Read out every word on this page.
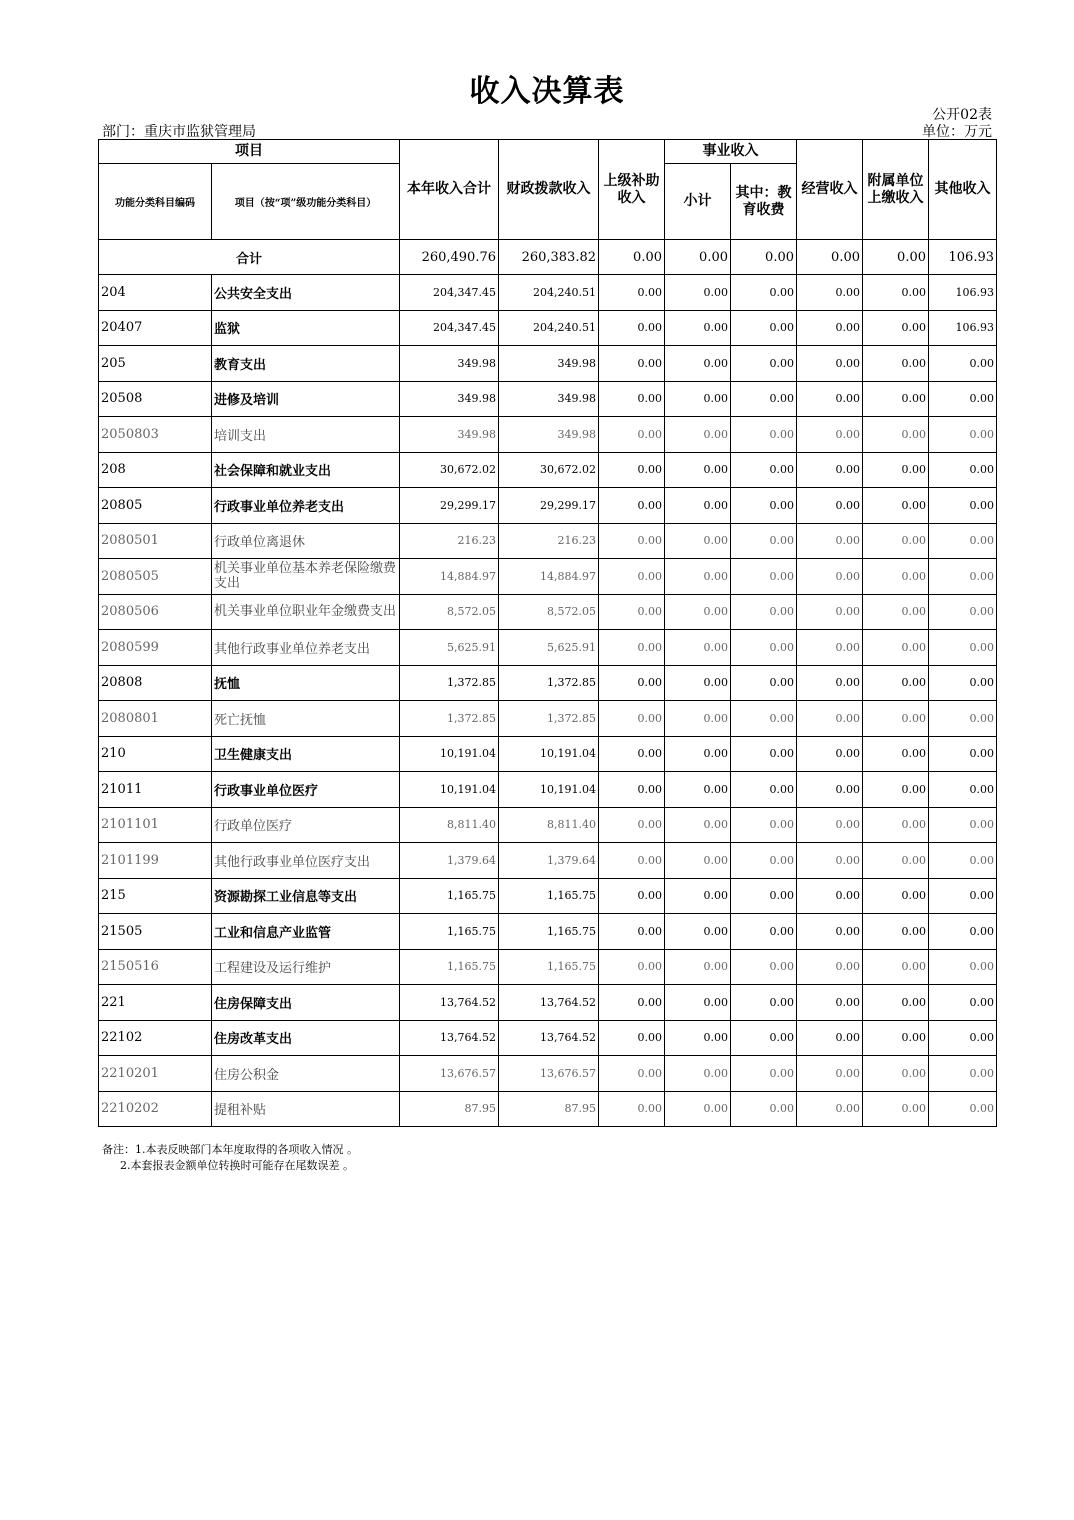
收入决算表
公开02表
部门：重庆市监狱管理局	单位：万元
项目		本年收入合计	财政拨款收入	上级补助收入	事业收入		经营收入	附属单位上缴收入	其他收入
功能分类科目编码	项目（按“项”级功能分类科目）				小计	其中：教育收费			
合计		260,490.76	260,383.82	0.00	0.00	0.00	0.00	0.00	106.93
204	公共安全支出	204,347.45	204,240.51	0.00	0.00	0.00	0.00	0.00	106.93
20407	监狱	204,347.45	204,240.51	0.00	0.00	0.00	0.00	0.00	106.93
205	教育支出	349.98	349.98	0.00	0.00	0.00	0.00	0.00	0.00
20508	进修及培训	349.98	349.98	0.00	0.00	0.00	0.00	0.00	0.00
2050803	培训支出	349.98	349.98	0.00	0.00	0.00	0.00	0.00	0.00
208	社会保障和就业支出	30,672.02	30,672.02	0.00	0.00	0.00	0.00	0.00	0.00
20805	行政事业单位养老支出	29,299.17	29,299.17	0.00	0.00	0.00	0.00	0.00	0.00
2080501	行政单位离退休	216.23	216.23	0.00	0.00	0.00	0.00	0.00	0.00
2080505	机关事业单位基本养老保险缴费支出	14,884.97	14,884.97	0.00	0.00	0.00	0.00	0.00	0.00
2080506	机关事业单位职业年金缴费支出	8,572.05	8,572.05	0.00	0.00	0.00	0.00	0.00	0.00
2080599	其他行政事业单位养老支出	5,625.91	5,625.91	0.00	0.00	0.00	0.00	0.00	0.00
20808	抚恤	1,372.85	1,372.85	0.00	0.00	0.00	0.00	0.00	0.00
2080801	死亡抚恤	1,372.85	1,372.85	0.00	0.00	0.00	0.00	0.00	0.00
210	卫生健康支出	10,191.04	10,191.04	0.00	0.00	0.00	0.00	0.00	0.00
21011	行政事业单位医疗	10,191.04	10,191.04	0.00	0.00	0.00	0.00	0.00	0.00
2101101	行政单位医疗	8,811.40	8,811.40	0.00	0.00	0.00	0.00	0.00	0.00
2101199	其他行政事业单位医疗支出	1,379.64	1,379.64	0.00	0.00	0.00	0.00	0.00	0.00
215	资源勘探工业信息等支出	1,165.75	1,165.75	0.00	0.00	0.00	0.00	0.00	0.00
21505	工业和信息产业监管	1,165.75	1,165.75	0.00	0.00	0.00	0.00	0.00	0.00
2150516	工程建设及运行维护	1,165.75	1,165.75	0.00	0.00	0.00	0.00	0.00	0.00
221	住房保障支出	13,764.52	13,764.52	0.00	0.00	0.00	0.00	0.00	0.00
22102	住房改革支出	13,764.52	13,764.52	0.00	0.00	0.00	0.00	0.00	0.00
2210201	住房公积金	13,676.57	13,676.57	0.00	0.00	0.00	0.00	0.00	0.00
2210202	提租补贴	87.95	87.95	0.00	0.00	0.00	0.00	0.00	0.00
备注：1.本表反映部门本年度取得的各项收入情况 。
2.本套报表金额单位转换时可能存在尾数误差 。
